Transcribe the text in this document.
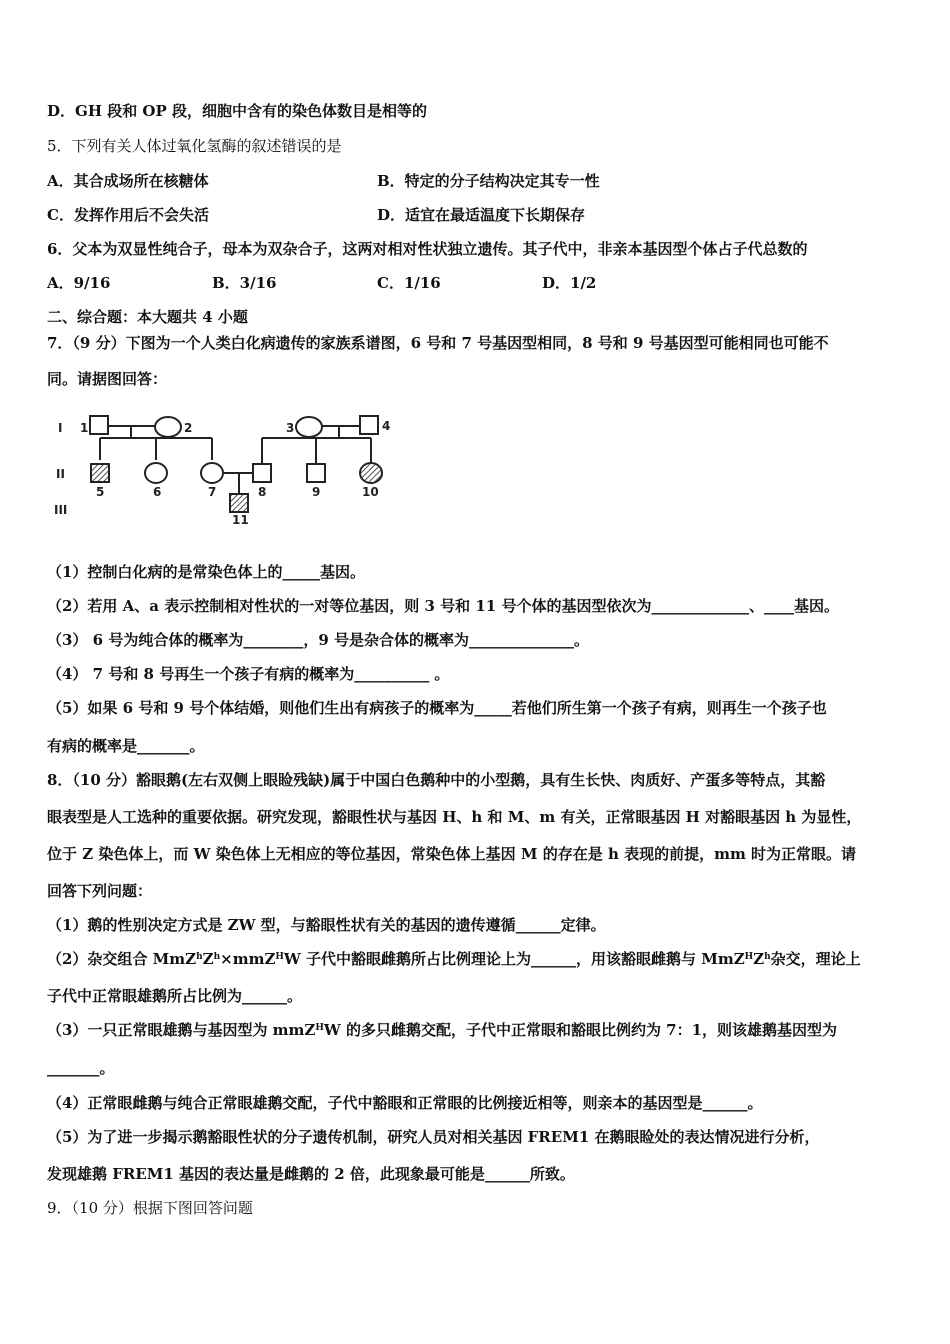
D．GH 段和 OP 段，细胞中含有的染色体数目是相等的
5．下列有关人体过氧化氢酶的叙述错误的是
A．其合成场所在核糖体	B．特定的分子结构决定其专一性
C．发挥作用后不会失活	D．适宜在最适温度下长期保存
6．父本为双显性纯合子，母本为双杂合子，这两对相对性状独立遗传。其子代中，非亲本基因型个体占子代总数的
A．9/16	B．3/16	C．1/16	D．1/2
二、综合题：本大题共 4 小题
7．（9 分）下图为一个人类白化病遗传的家族系谱图，6 号和 7 号基因型相同，8 号和 9 号基因型可能相同也可能不
同。请据图回答：
I
II
III
1	2	3	4
5	6	7	8	9	10
11
（1）控制白化病的是常染色体上的_____基因。
（2）若用 A、a 表示控制相对性状的一对等位基因，则 3 号和 11 号个体的基因型依次为_____________、____基因。
（3） 6 号为纯合体的概率为________，9 号是杂合体的概率为______________。
（4） 7 号和 8 号再生一个孩子有病的概率为__________ 。
（5）如果 6 号和 9 号个体结婚，则他们生出有病孩子的概率为_____若他们所生第一个孩子有病，则再生一个孩子也
有病的概率是_______。
8．（10 分）豁眼鹅(左右双侧上眼睑残缺)属于中国白色鹅种中的小型鹅，具有生长快、肉质好、产蛋多等特点，其豁
眼表型是人工选种的重要依据。研究发现，豁眼性状与基因 H、h 和 M、m 有关，正常眼基因 H 对豁眼基因 h 为显性，
位于 Z 染色体上，而 W 染色体上无相应的等位基因，常染色体上基因 M 的存在是 h 表现的前提，mm 时为正常眼。请
回答下列问题：
（1）鹅的性别决定方式是 ZW 型，与豁眼性状有关的基因的遗传遵循______定律。
（2）杂交组合 $MmZ^hZ^h\times mmZ^HW$ 子代中豁眼雌鹅所占比例理论上为______，用该豁眼雌鹅与 $MmZ^HZ^h$杂交，理论上
子代中正常眼雄鹅所占比例为______。
（3）一只正常眼雄鹅与基因型为 mmZ$^H$W 的多只雌鹅交配，子代中正常眼和豁眼比例约为 7：1，则该雄鹅基因型为
_______。
（4）正常眼雌鹅与纯合正常眼雄鹅交配，子代中豁眼和正常眼的比例接近相等，则亲本的基因型是______。
（5）为了进一步揭示鹅豁眼性状的分子遗传机制，研究人员对相关基因 FREM1 在鹅眼睑处的表达情况进行分析，
发现雄鹅 FREM1 基因的表达量是雌鹅的 2 倍，此现象最可能是______所致。
9．（10 分）根据下图回答问题
